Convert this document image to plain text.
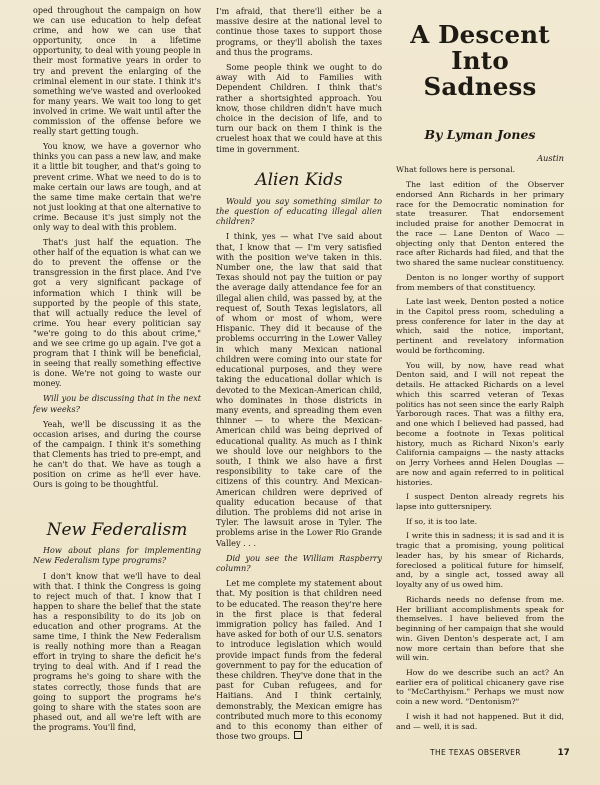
oped throughout the campaign on how we can use education to help defeat crime, and how we can use that opportunity, once in a lifetime opportunity, to deal with young people in their most formative years in order to try and prevent the enlarging of the criminal element in our state. I think it's something we've wasted and overlooked for many years. We wait too long to get involved in crime. We wait until after the commission of the offense before we really start getting tough.

You know, we have a governor who thinks you can pass a new law, and make it a little bit tougher, and that's going to prevent crime. What we need to do is to make certain our laws are tough, and at the same time make certain that we're not just looking at that one alternative to crime. Because it's just simply not the only way to deal with this problem.

That's just half the equation. The other half of the equation is what can we do to prevent the offense or the transgression in the first place. And I've got a very significant package of information which I think will be supported by the people of this state, that will actually reduce the level of crime. You hear every politician say "we're going to do this about crime," and we see crime go up again. I've got a program that I think will be beneficial, in seeing that really something effective is done. We're not going to waste our money.

Will you be discussing that in the next few weeks?

Yeah, we'll be discussing it as the occasion arises, and during the course of the campaign. I think it's something that Clements has tried to pre-empt, and he can't do that. We have as tough a position on crime as he'll ever have. Ours is going to be thoughtful.

New Federalism

How about plans for implementing New Federalism type programs?

I don't know that we'll have to deal with that. I think the Congress is going to reject much of that. I know that I happen to share the belief that the state has a responsibility to do its job on education and other programs. At the same time, I think the New Federalism is really nothing more than a Reagan effort in trying to share the deficit he's trying to deal with. And if I read the programs he's going to share with the states correctly, those funds that are going to support the programs he's going to share with the states soon are phased out, and all we're left with are the programs. You'll find,

I'm afraid, that there'll either be a massive desire at the national level to continue those taxes to support those programs, or they'll abolish the taxes and thus the programs.

Some people think we ought to do away with Aid to Families with Dependent Children. I think that's rather a shortsighted approach. You know, those children didn't have much choice in the decision of life, and to turn our back on them I think is the cruelest hoax that we could have at this time in government.

Alien Kids

Would you say something similar to the question of educating illegal alien children?

I think, yes — what I've said about that, I know that — I'm very satisfied with the position we've taken in this. Number one, the law that said that Texas should not pay the tuition or pay the average daily attendance fee for an illegal alien child, was passed by, at the request of, South Texas legislators, all of whom or most of whom, were Hispanic. They did it because of the problems occurring in the Lower Valley in which many Mexican national children were coming into our state for educational purposes, and they were taking the educational dollar which is devoted to the Mexican-American child, who dominates in those districts in many events, and spreading them even thinner — to where the Mexican-American child was being deprived of educational quality. As much as I think we should love our neighbors to the south, I think we also have a first responsibility to take care of the citizens of this country. And Mexican-American children were deprived of quality education because of that dilution. The problems did not arise in Tyler. The lawsuit arose in Tyler. The problems arise in the Lower Rio Grande Valley . . .

Did you see the William Raspberry column?

Let me complete my statement about that. My position is that children need to be educated. The reason they're here in the first place is that federal immigration policy has failed. And I have asked for both of our U.S. senators to introduce legislation which would provide impact funds from the federal government to pay for the education of these children. They've done that in the past for Cuban refugees, and for Haitians. And I think certainly, demonstrably, the Mexican emigre has contributed much more to this economy and to this economy than either of those two groups.

A Descent
Into Sadness
By Lyman Jones
Austin

What follows here is personal.

The last edition of the Observer endorsed Ann Richards in her primary race for the Democratic nomination for state treasurer. That endorsement included praise for another Democrat in the race — Lane Denton of Waco — objecting only that Denton entered the race after Richards had filed, and that the two shared the same nuclear constituency.

Denton is no longer worthy of support from members of that constituency.

Late last week, Denton posted a notice in the Capitol press room, scheduling a press conference for later in the day at which, said the notice, important, pertinent and revelatory information would be forthcoming.

You will, by now, have read what Denton said, and I will not repeat the details. He attacked Richards on a level which this scarred veteran of Texas politics has not seen since the early Ralph Yarborough races. That was a filthy era, and one which I believed had passed, had become a footnote in Texas political history, much as Richard Nixon's early California campaigns — the nasty attacks on Jerry Vorhees annd Helen Douglas — are now and again referred to in political histories.

I suspect Denton already regrets his lapse into guttersnipery.

If so, it is too late.

I write this in sadness; it is sad and it is tragic that a promising, young political leader has, by his smear of Richards, foreclosed a political future for himself, and, by a single act, tossed away all loyalty any of us owed him.

Richards needs no defense from me. Her brilliant accomplishments speak for themselves. I have believed from the beginning of her campaign that she would win. Given Denton's desperate act, I am now more certain than before that she will win.

How do we describe such an act? An earlier era of political chicanery gave rise to "McCarthyism." Perhaps we must now coin a new word. "Dentonism?"

I wish it had not happened. But it did, and — well, it is sad.

THE TEXAS OBSERVER	17
